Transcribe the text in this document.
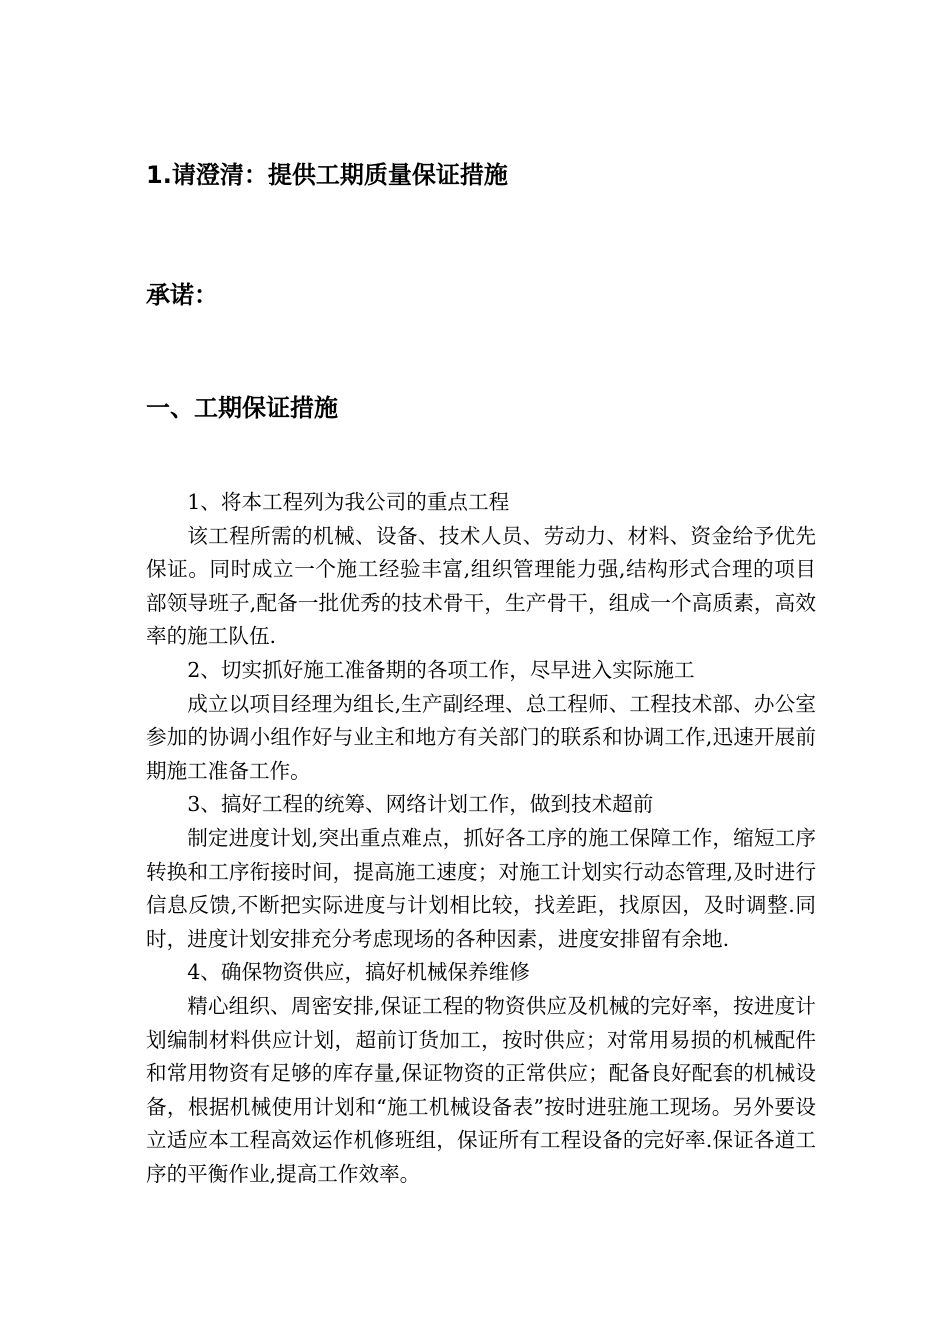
1.请澄清：提供工期质量保证措施
承诺：
一、工期保证措施

1、将本工程列为我公司的重点工程

该工程所需的机械、设备、技术人员、劳动力、材料、资金给予优先保证。同时成立一个施工经验丰富,组织管理能力强,结构形式合理的项目部领导班子,配备一批优秀的技术骨干，生产骨干，组成一个高质素，高效率的施工队伍.

2、切实抓好施工准备期的各项工作，尽早进入实际施工

成立以项目经理为组长,生产副经理、总工程师、工程技术部、办公室参加的协调小组作好与业主和地方有关部门的联系和协调工作,迅速开展前期施工准备工作。

3、搞好工程的统筹、网络计划工作，做到技术超前

制定进度计划,突出重点难点，抓好各工序的施工保障工作，缩短工序转换和工序衔接时间，提高施工速度；对施工计划实行动态管理,及时进行信息反馈,不断把实际进度与计划相比较，找差距，找原因，及时调整.同时，进度计划安排充分考虑现场的各种因素，进度安排留有余地.

4、确保物资供应，搞好机械保养维修

精心组织、周密安排,保证工程的物资供应及机械的完好率，按进度计划编制材料供应计划，超前订货加工，按时供应；对常用易损的机械配件和常用物资有足够的库存量,保证物资的正常供应；配备良好配套的机械设备，根据机械使用计划和“施工机械设备表”按时进驻施工现场。另外要设立适应本工程高效运作机修班组，保证所有工程设备的完好率.保证各道工序的平衡作业,提高工作效率。
